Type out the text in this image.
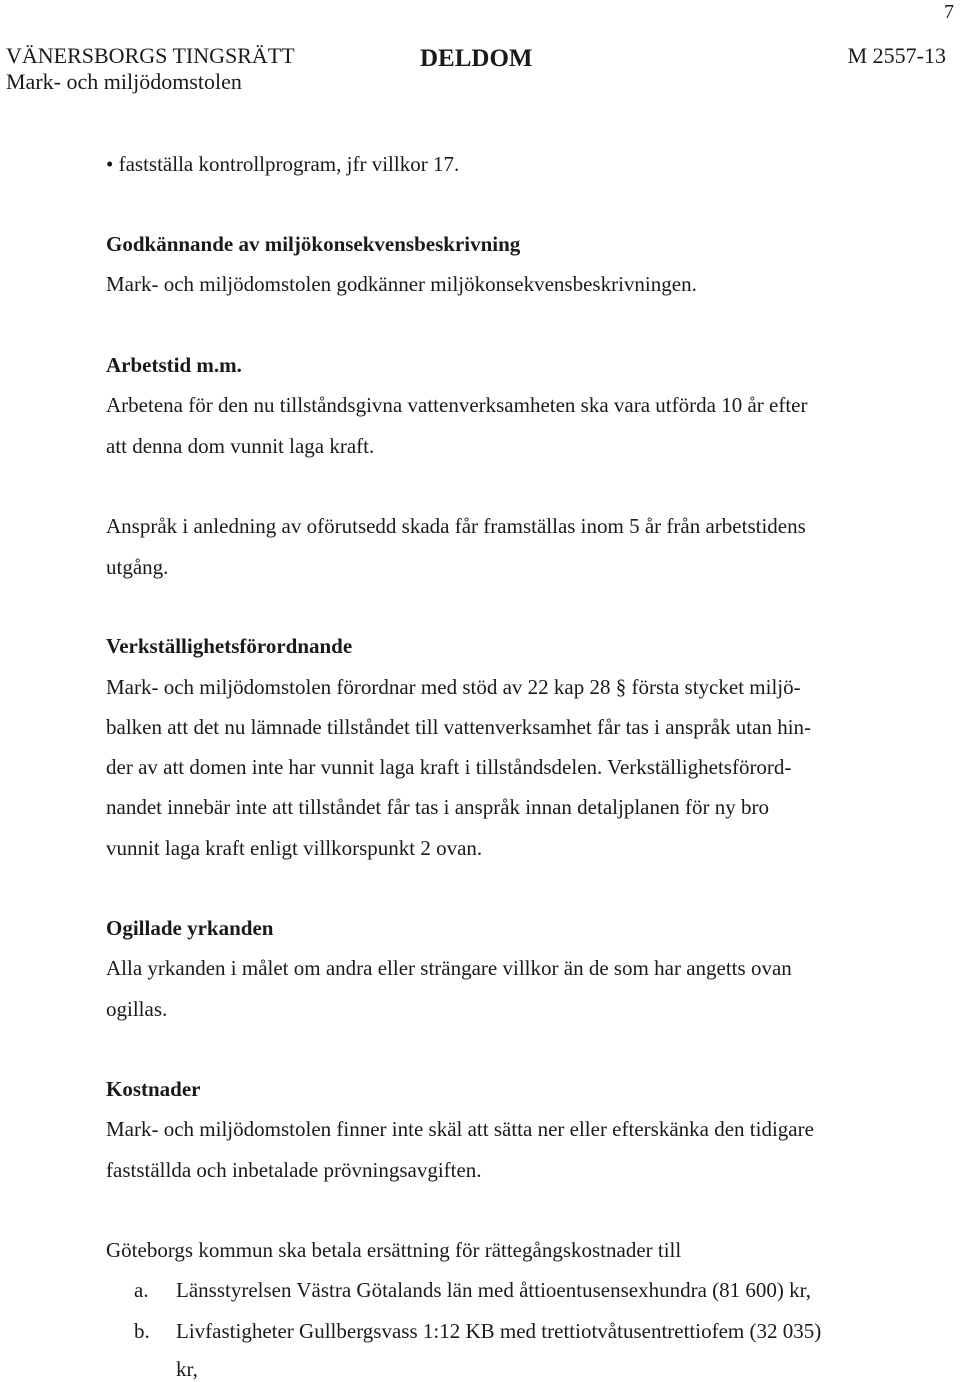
7
VÄNERSBORGS TINGSRÄTT
Mark- och miljödomstolen
DELDOM	M 2557-13
• fastställa kontrollprogram, jfr villkor 17.
Godkännande av miljökonsekvensbeskrivning
Mark- och miljödomstolen godkänner miljökonsekvensbeskrivningen.
Arbetstid m.m.
Arbetena för den nu tillståndsgivna vattenverksamheten ska vara utförda 10 år efter
att denna dom vunnit laga kraft.
Anspråk i anledning av oförutsedd skada får framställas inom 5 år från arbetstidens
utgång.
Verkställighetsförordnande
Mark- och miljödomstolen förordnar med stöd av 22 kap 28 § första stycket miljö-
balken att det nu lämnade tillståndet till vattenverksamhet får tas i anspråk utan hin-
der av att domen inte har vunnit laga kraft i tillståndsdelen. Verkställighetsförord-
nandet innebär inte att tillståndet får tas i anspråk innan detaljplanen för ny bro
vunnit laga kraft enligt villkorspunkt 2 ovan.
Ogillade yrkanden
Alla yrkanden i målet om andra eller strängare villkor än de som har angetts ovan
ogillas.
Kostnader
Mark- och miljödomstolen finner inte skäl att sätta ner eller efterskänka den tidigare
fastställda och inbetalade prövningsavgiften.
Göteborgs kommun ska betala ersättning för rättegångskostnader till
a. Länsstyrelsen Västra Götalands län med åttioentusensexhundra (81 600) kr,
b. Livfastigheter Gullbergsvass 1:12 KB med trettiotvåtusentrettiofem (32 035)
kr,
